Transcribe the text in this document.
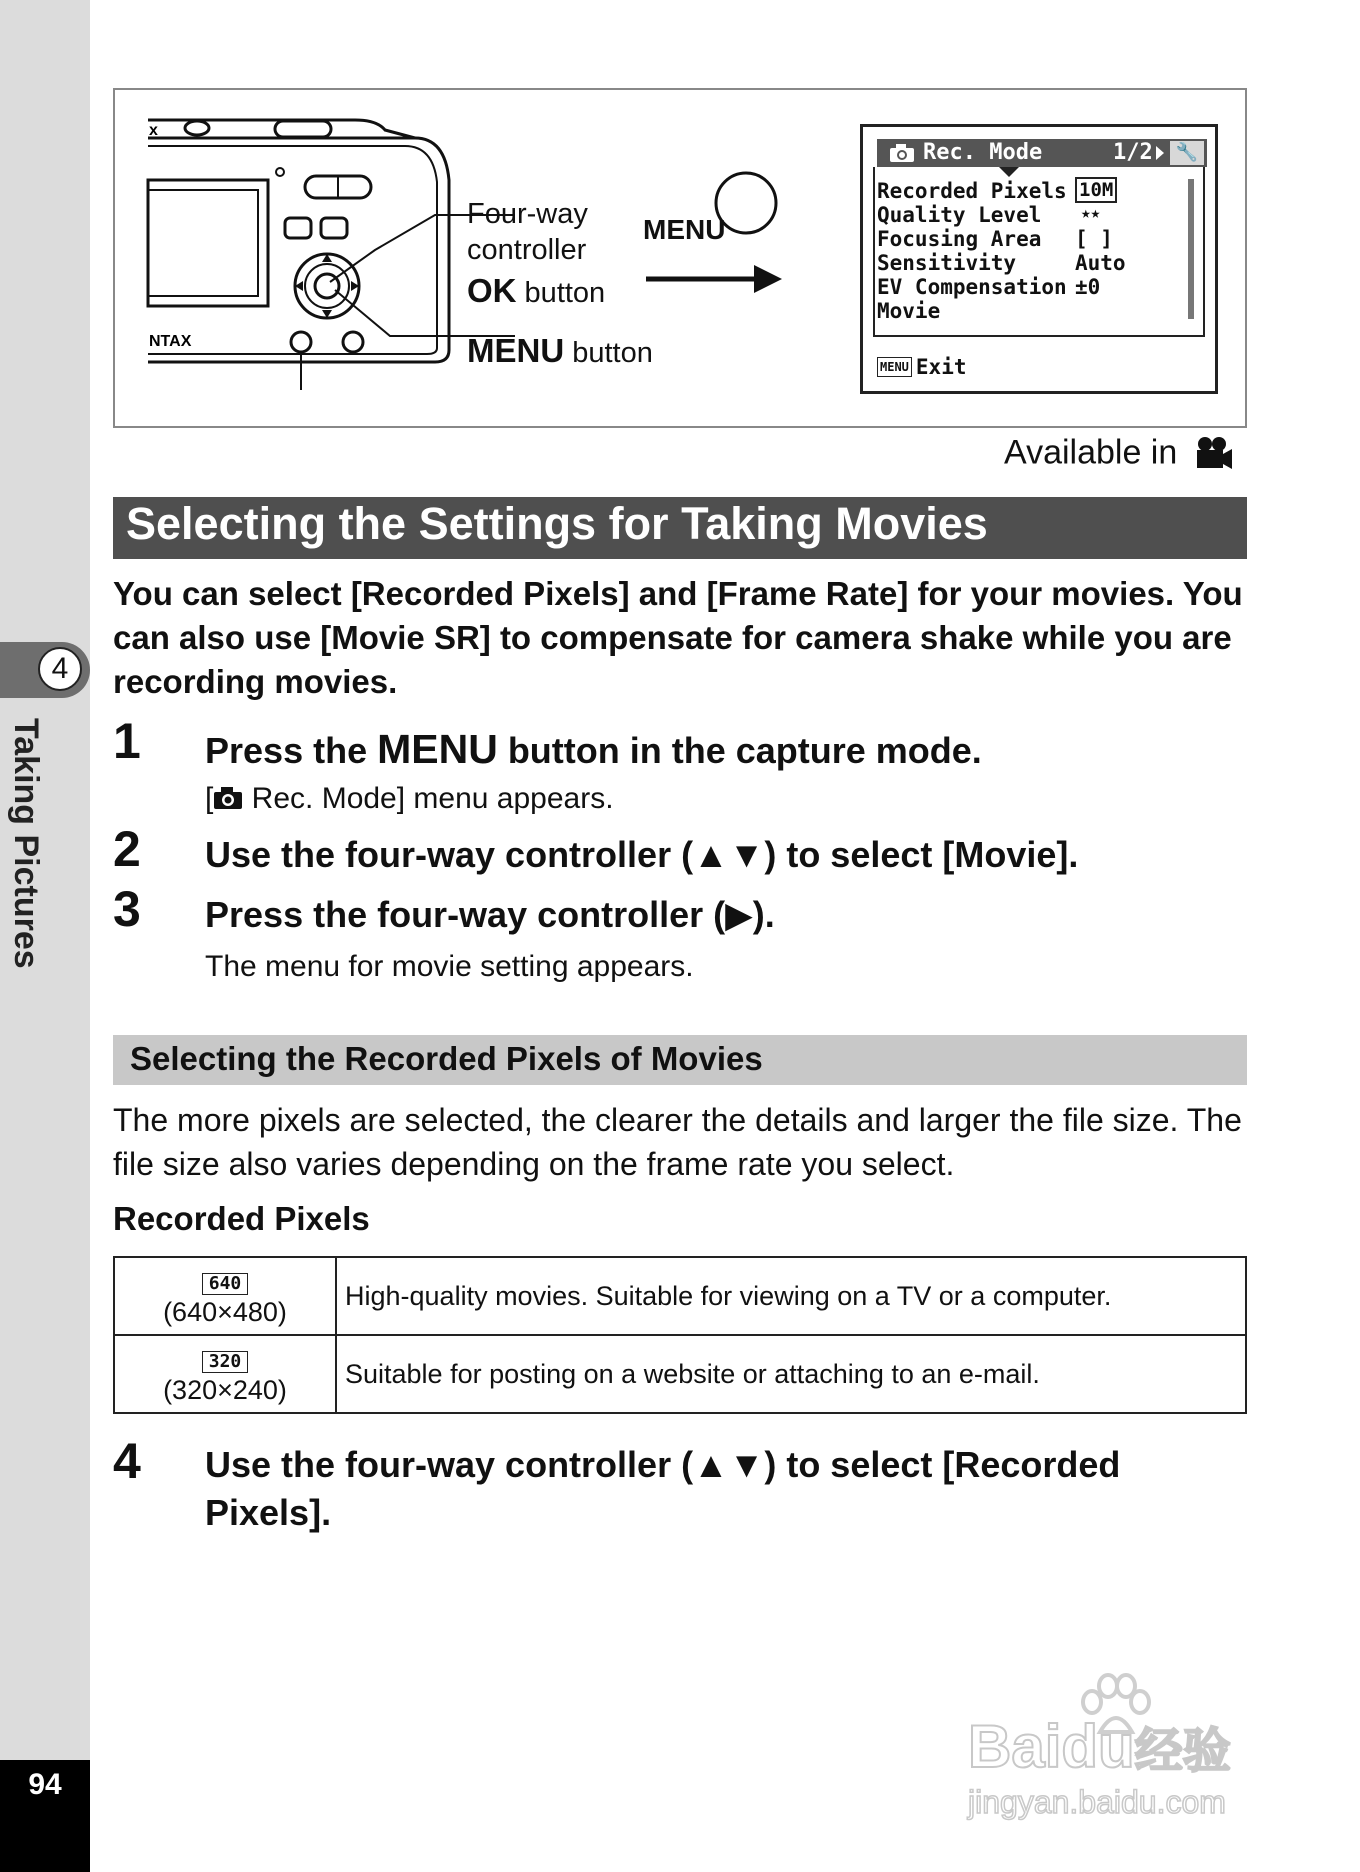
4
Taking Pictures
94
x
NTAX
Four-way
controller
OK button
MENU button
MENU
Rec. Mode	1/2	🔧
Recorded Pixels 10M
Quality Level ★★
Focusing Area [ ]
Sensitivity	Auto
EV Compensation ±0
Movie
MENU Exit
Available in
Selecting the Settings for Taking Movies
You can select [Recorded Pixels] and [Frame Rate] for your movies. You can also use [Movie SR] to compensate for camera shake while you are recording movies.
1 Press the MENU button in the capture mode.
[ Rec. Mode] menu appears.
2 Use the four-way controller (▲▼) to select [Movie].
3 Press the four-way controller (▶).
The menu for movie setting appears.
Selecting the Recorded Pixels of Movies
The more pixels are selected, the clearer the details and larger the file size. The file size also varies depending on the frame rate you select.
Recorded Pixels
640
(640×480)	High-quality movies. Suitable for viewing on a TV or a computer.
320
(320×240)	Suitable for posting on a website or attaching to an e-mail.
4 Use the four-way controller (▲▼) to select [Recorded
Pixels].
Baidu经验
jingyan.baidu.com
